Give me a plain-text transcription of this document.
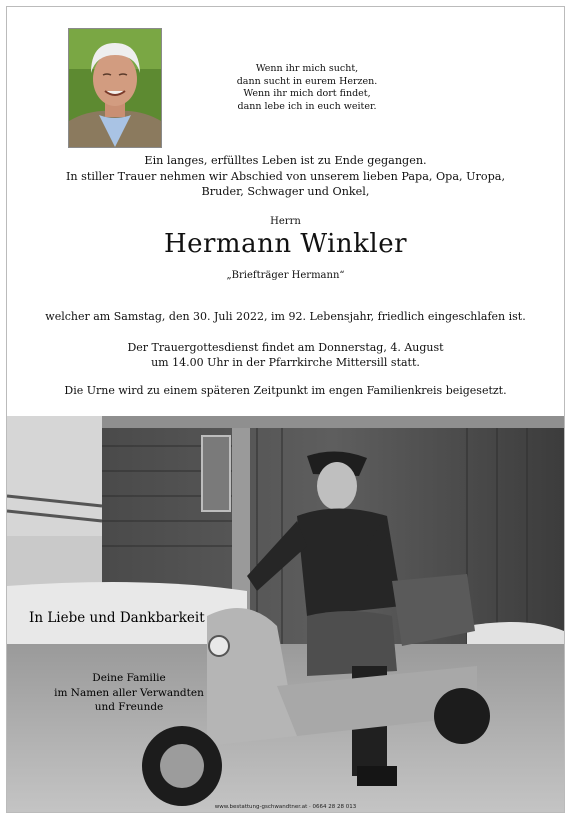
Wenn ihr mich sucht,
dann sucht in eurem Herzen.
Wenn ihr mich dort findet,
dann lebe ich in euch weiter.
Ein langes, erfülltes Leben ist zu Ende gegangen.
In stiller Trauer nehmen wir Abschied von unserem lieben Papa, Opa, Uropa,
Bruder, Schwager und Onkel,
Herrn
Hermann Winkler
„Briefträger Hermann“
welcher am Samstag, den 30. Juli 2022, im 92. Lebensjahr, friedlich eingeschlafen ist.
Der Trauergottesdienst findet am Donnerstag, 4. August
um 14.00 Uhr in der Pfarrkirche Mittersill statt.
Die Urne wird zu einem späteren Zeitpunkt im engen Familienkreis beigesetzt.
In Liebe und Dankbarkeit
Deine Familie
im Namen aller Verwandten
und Freunde
www.bestattung-gschwandtner.at · 0664 28 28 013
